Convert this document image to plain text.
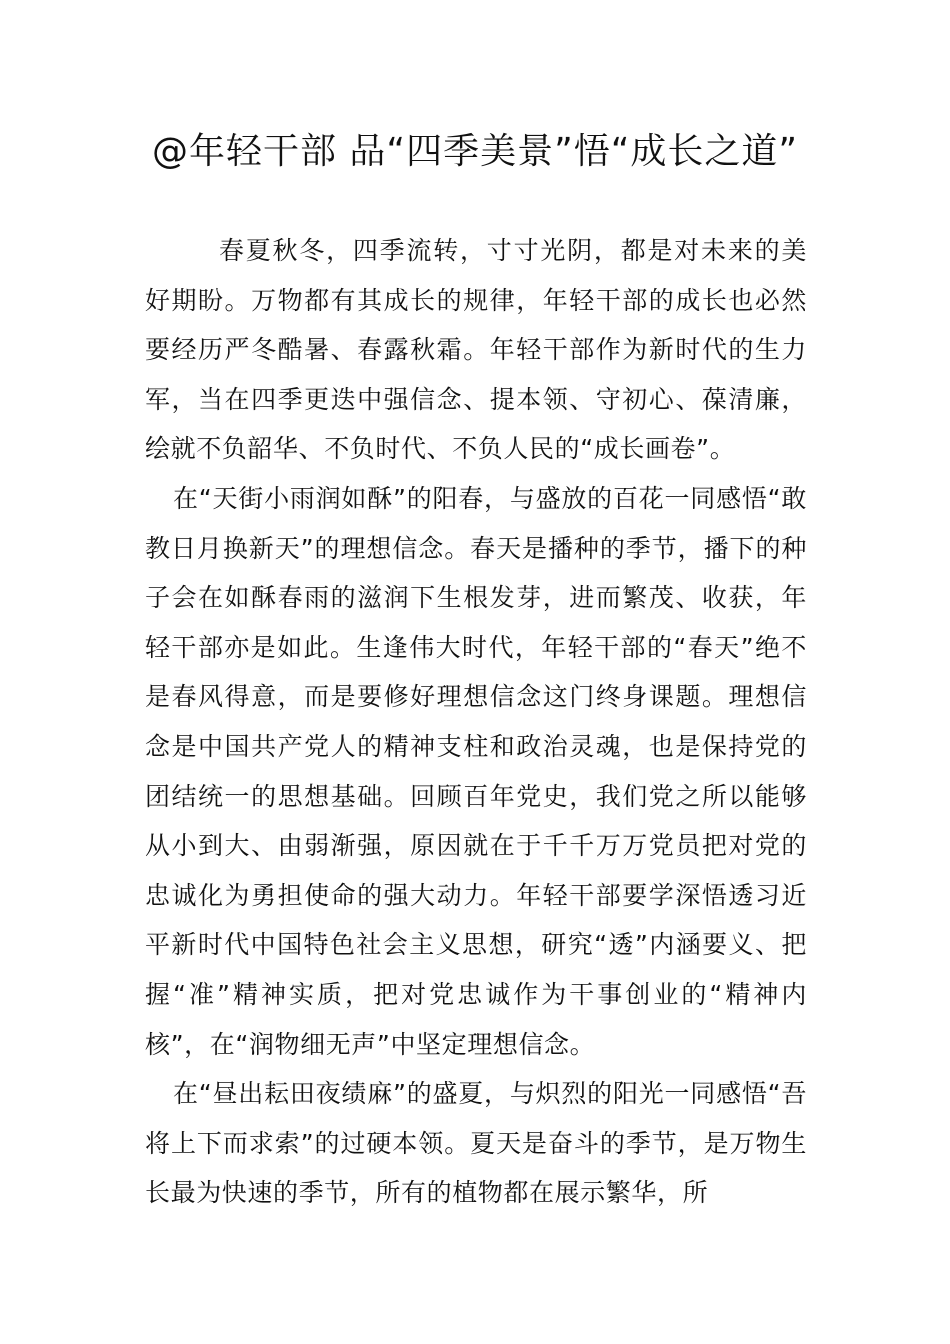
@年轻干部 品“四季美景”悟“成长之道”

春夏秋冬，四季流转，寸寸光阴，都是对未来的美好期盼。万物都有其成长的规律，年轻干部的成长也必然要经历严冬酷暑、春露秋霜。年轻干部作为新时代的生力军，当在四季更迭中强信念、提本领、守初心、葆清廉，绘就不负韶华、不负时代、不负人民的“成长画卷”。

在“天街小雨润如酥”的阳春，与盛放的百花一同感悟“敢教日月换新天”的理想信念。春天是播种的季节，播下的种子会在如酥春雨的滋润下生根发芽，进而繁茂、收获，年轻干部亦是如此。生逢伟大时代，年轻干部的“春天”绝不是春风得意，而是要修好理想信念这门终身课题。理想信念是中国共产党人的精神支柱和政治灵魂，也是保持党的团结统一的思想基础。回顾百年党史，我们党之所以能够从小到大、由弱渐强，原因就在于千千万万党员把对党的忠诚化为勇担使命的强大动力。年轻干部要学深悟透习近平新时代中国特色社会主义思想，研究“透”内涵要义、把握“准”精神实质，把对党忠诚作为干事创业的“精神内核”，在“润物细无声”中坚定理想信念。

在“昼出耘田夜绩麻”的盛夏，与炽烈的阳光一同感悟“吾将上下而求索”的过硬本领。夏天是奋斗的季节，是万物生长最为快速的季节，所有的植物都在展示繁华，所
